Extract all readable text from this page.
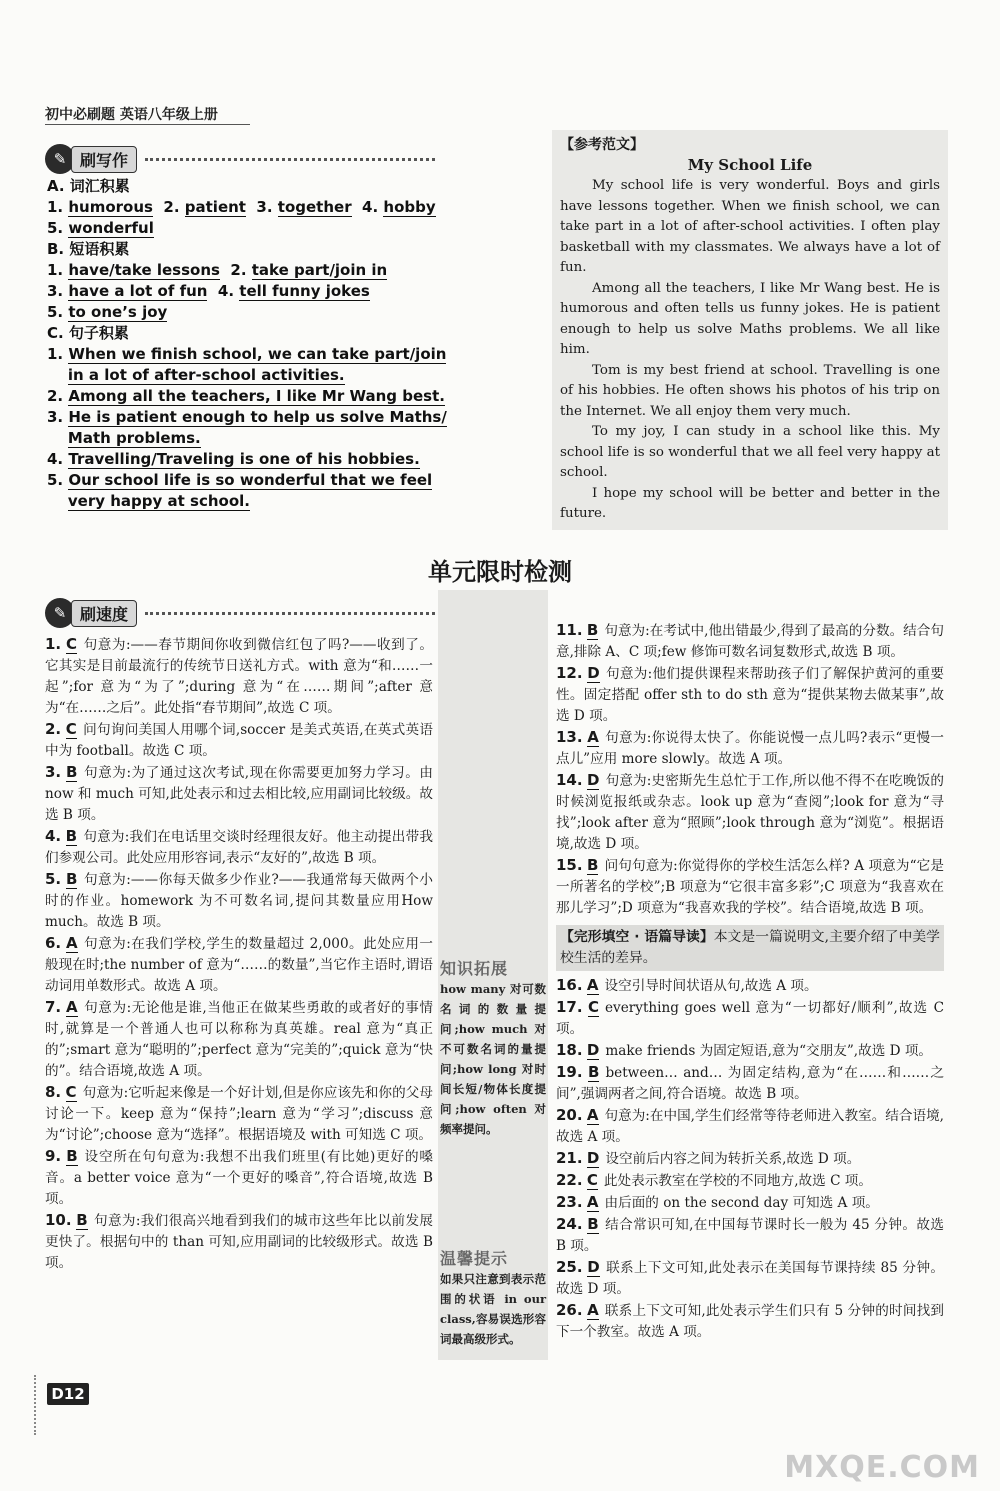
初中必刷题 英语八年级上册
✎ 刷写作
A. 词汇积累
1. humorous  2. patient  3. together  4. hobby
5. wonderful
B. 短语积累
1. have/take lessons  2. take part/join in
3. have a lot of fun  4. tell funny jokes
5. to one’s joy
C. 句子积累
1. When we finish school, we can take part/join
in a lot of after-school activities.
2. Among all the teachers, I like Mr Wang best.
3. He is patient enough to help us solve Maths/
Math problems.
4. Travelling/Traveling is one of his hobbies.
5. Our school life is so wonderful that we feel
very happy at school.
【参考范文】
My School Life

My school life is very wonderful. Boys and girls have lessons together. When we finish school, we can take part in a lot of after-school activities. I often play basketball with my classmates. We always have a lot of fun.

Among all the teachers, I like Mr Wang best. He is humorous and often tells us funny jokes. He is patient enough to help us solve Maths problems. We all like him.

Tom is my best friend at school. Travelling is one of his hobbies. He often shows his photos of his trip on the Internet. We all enjoy them very much.

To my joy, I can study in a school like this. My school life is so wonderful that we all feel very happy at school.

I hope my school will be better and better in the future.

单元限时检测
✎ 刷速度

1. C 句意为:——春节期间你收到微信红包了吗?——收到了。它其实是目前最流行的传统节日送礼方式。with 意为“和……一起”;for 意为“为了”;during 意为“在……期间”;after 意为“在……之后”。此处指“春节期间”,故选 C 项。

2. C 问句询问美国人用哪个词,soccer 是美式英语,在英式英语中为 football。故选 C 项。

3. B 句意为:为了通过这次考试,现在你需要更加努力学习。由 now 和 much 可知,此处表示和过去相比较,应用副词比较级。故选 B 项。

4. B 句意为:我们在电话里交谈时经理很友好。他主动提出带我们参观公司。此处应用形容词,表示“友好的”,故选 B 项。

5. B 句意为:——你每天做多少作业?——我通常每天做两个小时的作业。homework 为不可数名词,提问其数量应用How much。故选 B 项。

6. A 句意为:在我们学校,学生的数量超过 2,000。此处应用一般现在时;the number of 意为“……的数量”,当它作主语时,谓语动词用单数形式。故选 A 项。

7. A 句意为:无论他是谁,当他正在做某些勇敢的或者好的事情时,就算是一个普通人也可以称称为真英雄。real 意为“真正的”;smart 意为“聪明的”;perfect 意为“完美的”;quick 意为“快的”。结合语境,故选 A 项。

8. C 句意为:它听起来像是一个好计划,但是你应该先和你的父母讨论一下。keep 意为“保持”;learn 意为“学习”;discuss 意为“讨论”;choose 意为“选择”。根据语境及 with 可知选 C 项。

9. B 设空所在句句意为:我想不出我们班里(有比她)更好的嗓音。a better voice 意为“一个更好的嗓音”,符合语境,故选 B 项。

10. B 句意为:我们很高兴地看到我们的城市这些年比以前发展更快了。根据句中的 than 可知,应用副词的比较级形式。故选 B 项。

知识拓展
how many 对可数名词的数量提问;how much 对不可数名词的量提问;how long 对时间长短/物体长度提问;how often 对频率提问。
温馨提示
如果只注意到表示范围的状语 in our class,容易误选形容词最高级形式。

11. B 句意为:在考试中,他出错最少,得到了最高的分数。结合句意,排除 A、C 项;few 修饰可数名词复数形式,故选 B 项。

12. D 句意为:他们提供课程来帮助孩子们了解保护黄河的重要性。固定搭配 offer sth to do sth 意为“提供某物去做某事”,故选 D 项。

13. A 句意为:你说得太快了。你能说慢一点儿吗?表示“更慢一点儿”应用 more slowly。故选 A 项。

14. D 句意为:史密斯先生总忙于工作,所以他不得不在吃晚饭的时候浏览报纸或杂志。look up 意为“查阅”;look for 意为“寻找”;look after 意为“照顾”;look through 意为“浏览”。根据语境,故选 D 项。

15. B 问句句意为:你觉得你的学校生活怎么样? A 项意为“它是一所著名的学校”;B 项意为“它很丰富多彩”;C 项意为“我喜欢在那儿学习”;D 项意为“我喜欢我的学校”。结合语境,故选 B 项。

【完形填空 · 语篇导读】本文是一篇说明文,主要介绍了中美学校生活的差异。

16. A 设空引导时间状语从句,故选 A 项。

17. C everything goes well 意为“一切都好/顺利”,故选 C 项。

18. D make friends 为固定短语,意为“交朋友”,故选 D 项。

19. B between… and… 为固定结构,意为“在……和……之间”,强调两者之间,符合语境。故选 B 项。

20. A 句意为:在中国,学生们经常等待老师进入教室。结合语境,故选 A 项。

21. D 设空前后内容之间为转折关系,故选 D 项。

22. C 此处表示教室在学校的不同地方,故选 C 项。

23. A 由后面的 on the second day 可知选 A 项。

24. B 结合常识可知,在中国每节课时长一般为 45 分钟。故选 B 项。

25. D 联系上下文可知,此处表示在美国每节课持续 85 分钟。故选 D 项。

26. A 联系上下文可知,此处表示学生们只有 5 分钟的时间找到下一个教室。故选 A 项。

D12
MXQE.COM
